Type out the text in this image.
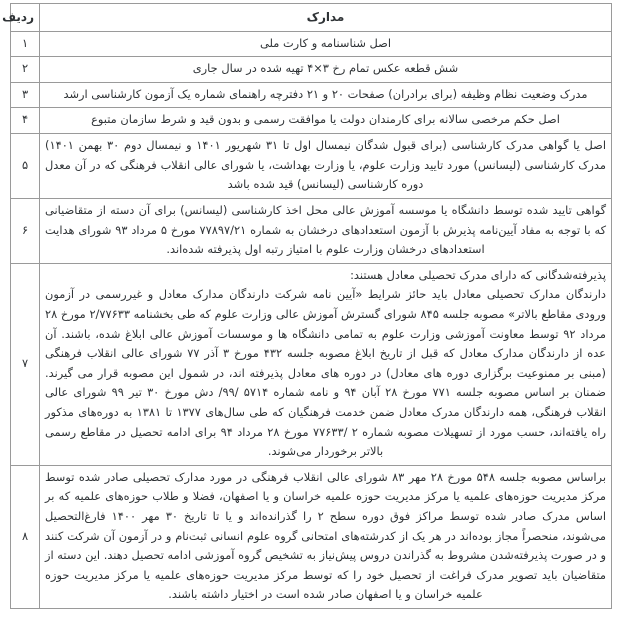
مدارک	ردیف

اصل شناسنامه و کارت ملی	۱

شش قطعه عکس تمام رخ ۳×۴ تهیه شده در سال جاری	۲

مدرک وضعیت نظام وظیفه (برای برادران) صفحات ۲۰ و ۲۱ دفترچه راهنمای شماره یک آزمون کارشناسی ارشد	۳

اصل حکم مرخصی سالانه برای کارمندان دولت یا موافقت رسمی و بدون قید و شرط سازمان متبوع	۴

اصل یا گواهی مدرک کارشناسی (برای قبول شدگان نیمسال اول تا ۳۱ شهریور ۱۴۰۱ و نیمسال دوم ۳۰ بهمن ۱۴۰۱) مدرک کارشناسی (لیسانس) مورد تایید وزارت علوم، یا وزارت بهداشت، یا شورای عالی انقلاب فرهنگی که در آن معدل دوره کارشناسی (لیسانس) قید شده باشد	۵

گواهی تایید شده توسط دانشگاه یا موسسه آموزش عالی محل اخذ کارشناسی (لیسانس) برای آن دسته از متقاضیانی که با توجه به مفاد آیین‌نامه پذیرش با آزمون استعدادهای درخشان به شماره ۷۷۸۹۷/۲۱ مورخ ۵ مرداد ۹۳ شورای هدایت استعدادهای درخشان وزارت علوم با امتیاز رتبه اول پذیرفته شده‌اند.	۶

پذیرفته‌شدگانی که دارای مدرک تحصیلی معادل هستند:

دارندگان مدارک تحصیلی معادل باید حائز شرایط «آیین نامه شرکت دارندگان مدارک معادل و غیررسمی در آزمون ورودی مقاطع بالاتر» مصوبه جلسه ۸۴۵ شورای گسترش آموزش عالی وزارت علوم که طی بخشنامه ۲/۷۷۶۳۳ مورخ ۲۸ مرداد ۹۲ توسط معاونت آموزشی وزارت علوم به تمامی دانشگاه ها و موسسات آموزش عالی ابلاغ شده، باشند. آن عده از دارندگان مدارک معادل که قبل از تاریخ ابلاغ مصوبه جلسه ۴۳۲ مورخ ۳ آذر ۷۷ شورای عالی انقلاب فرهنگی (مبنی بر ممنوعیت برگزاری دوره های معادل) در دوره های معادل پذیرفته اند، در شمول این مصوبه قرار می گیرند. ضمنان بر اساس مصوبه جلسه ۷۷۱ مورخ ۲۸ آبان ۹۴ و نامه شماره ۵۷۱۴ /۹۹/ دش مورخ ۳۰ تیر ۹۹ شورای عالی انقلاب فرهنگی، همه دارندگان مدرک معادل ضمن خدمت فرهنگیان که طی سال‌های ۱۳۷۷ تا ۱۳۸۱ به دوره‌های مذکور راه یافته‌اند، حسب مورد از تسهیلات مصوبه شماره ۲ /۷۷۶۳۳ مورخ ۲۸ مرداد ۹۴ برای ادامه تحصیل در مقاطع رسمی بالاتر برخوردار می‌شوند.	۷

براساس مصوبه جلسه ۵۴۸ مورخ ۲۸ مهر ۸۳ شورای عالی انقلاب فرهنگی در مورد مدارک تحصیلی صادر شده توسط مرکز مدیریت حوزه‌های علمیه یا مرکز مدیریت حوزه علمیه خراسان و یا اصفهان، فضلا و طلاب حوزه‌های علمیه که بر اساس مدرک صادر شده توسط مراکز فوق دوره سطح ۲ را گذرانده‌اند و یا تا تاریخ ۳۰ مهر ۱۴۰۰ فارغ‌التحصیل می‌شوند، منحصراً مجاز بوده‌اند در هر یک از کدرشته‌های امتحانی گروه علوم انسانی ثبت‌نام و در آزمون آن شرکت کنند و در صورت پذیرفته‌شدن مشروط به گذراندن دروس پیش‌نیاز به تشخیص گروه آموزشی ادامه تحصیل دهند. این دسته از متقاضیان باید تصویر مدرک فراغت از تحصیل خود را که توسط مرکز مدیریت حوزه‌های علمیه یا مرکز مدیریت حوزه علمیه خراسان و یا اصفهان صادر شده است در اختیار داشته باشند.	۸
